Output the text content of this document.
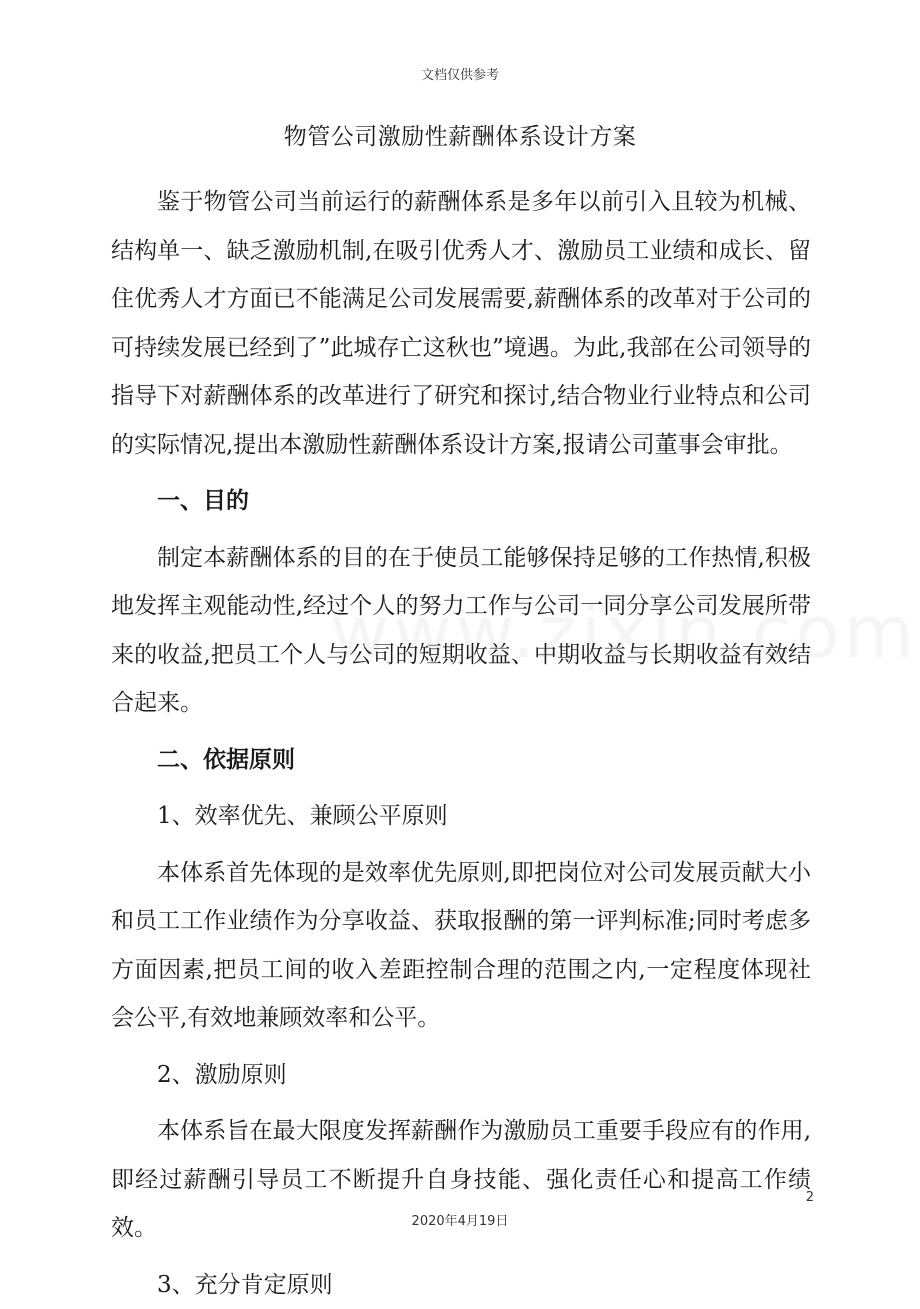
文档仅供参考
物管公司激励性薪酬体系设计方案

鉴于物管公司当前运行的薪酬体系是多年以前引入且较为机械、结构单一、缺乏激励机制,在吸引优秀人才、激励员工业绩和成长、留住优秀人才方面已不能满足公司发展需要,薪酬体系的改革对于公司的可持续发展已经到了”此城存亡这秋也”境遇。为此,我部在公司领导的指导下对薪酬体系的改革进行了研究和探讨,结合物业行业特点和公司的实际情况,提出本激励性薪酬体系设计方案,报请公司董事会审批。

一、目的

制定本薪酬体系的目的在于使员工能够保持足够的工作热情,积极地发挥主观能动性,经过个人的努力工作与公司一同分享公司发展所带来的收益,把员工个人与公司的短期收益、中期收益与长期收益有效结合起来。

二、依据原则

1、效率优先、兼顾公平原则

本体系首先体现的是效率优先原则,即把岗位对公司发展贡献大小和员工工作业绩作为分享收益、获取报酬的第一评判标准;同时考虑多方面因素,把员工间的收入差距控制合理的范围之内,一定程度体现社会公平,有效地兼顾效率和公平。

2、激励原则

本体系旨在最大限度发挥薪酬作为激励员工重要手段应有的作用,即经过薪酬引导员工不断提升自身技能、强化责任心和提高工作绩效。

3、充分肯定原则

2
2020年4月19日
